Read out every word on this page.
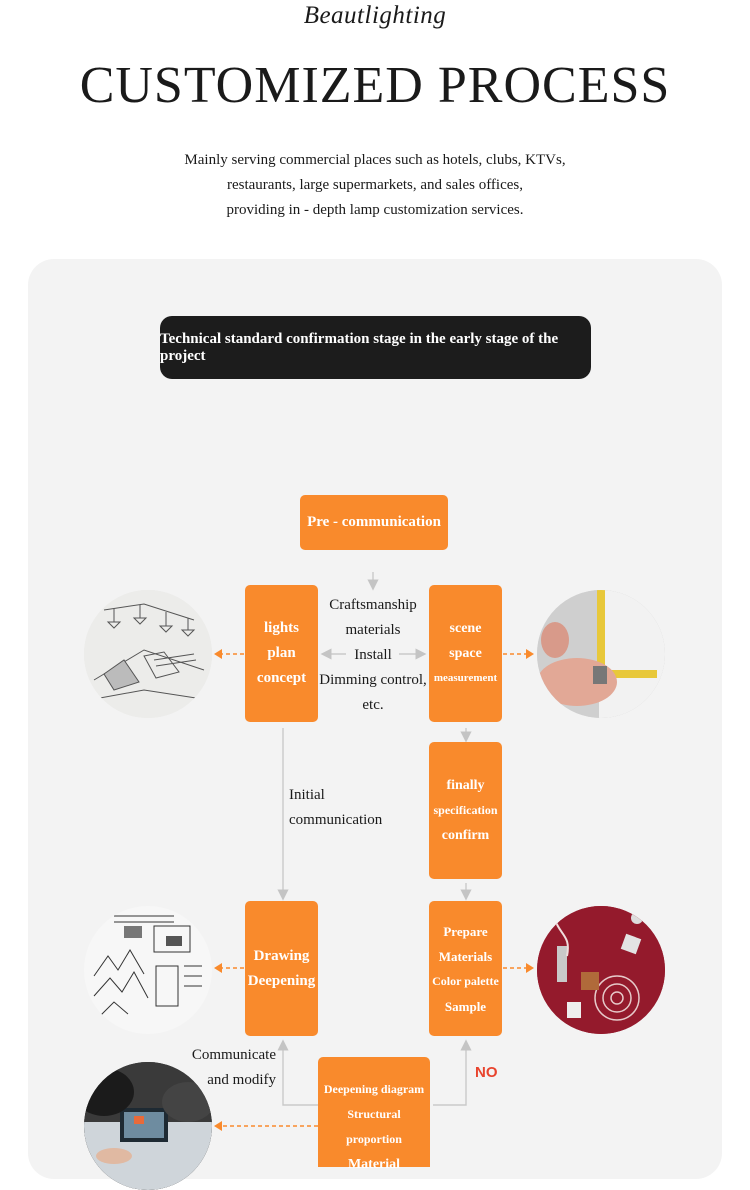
Beautlighting
CUSTOMIZED PROCESS
Mainly serving commercial places such as hotels, clubs, KTVs,
restaurants, large supermarkets, and sales offices,
providing in - depth lamp customization services.
Technical standard confirmation stage in the early stage of the project
Pre - communication
lights
plan
concept
scene
space
measurement
finally
specification
confirm
Drawing
Deepening
Prepare
Materials
Color palette
Sample
Deepening diagram
Structural proportion
Material
Craftsmanship
materials
Install
Dimming control,
etc.
Initial
communication
Communicate
and modify	NO
